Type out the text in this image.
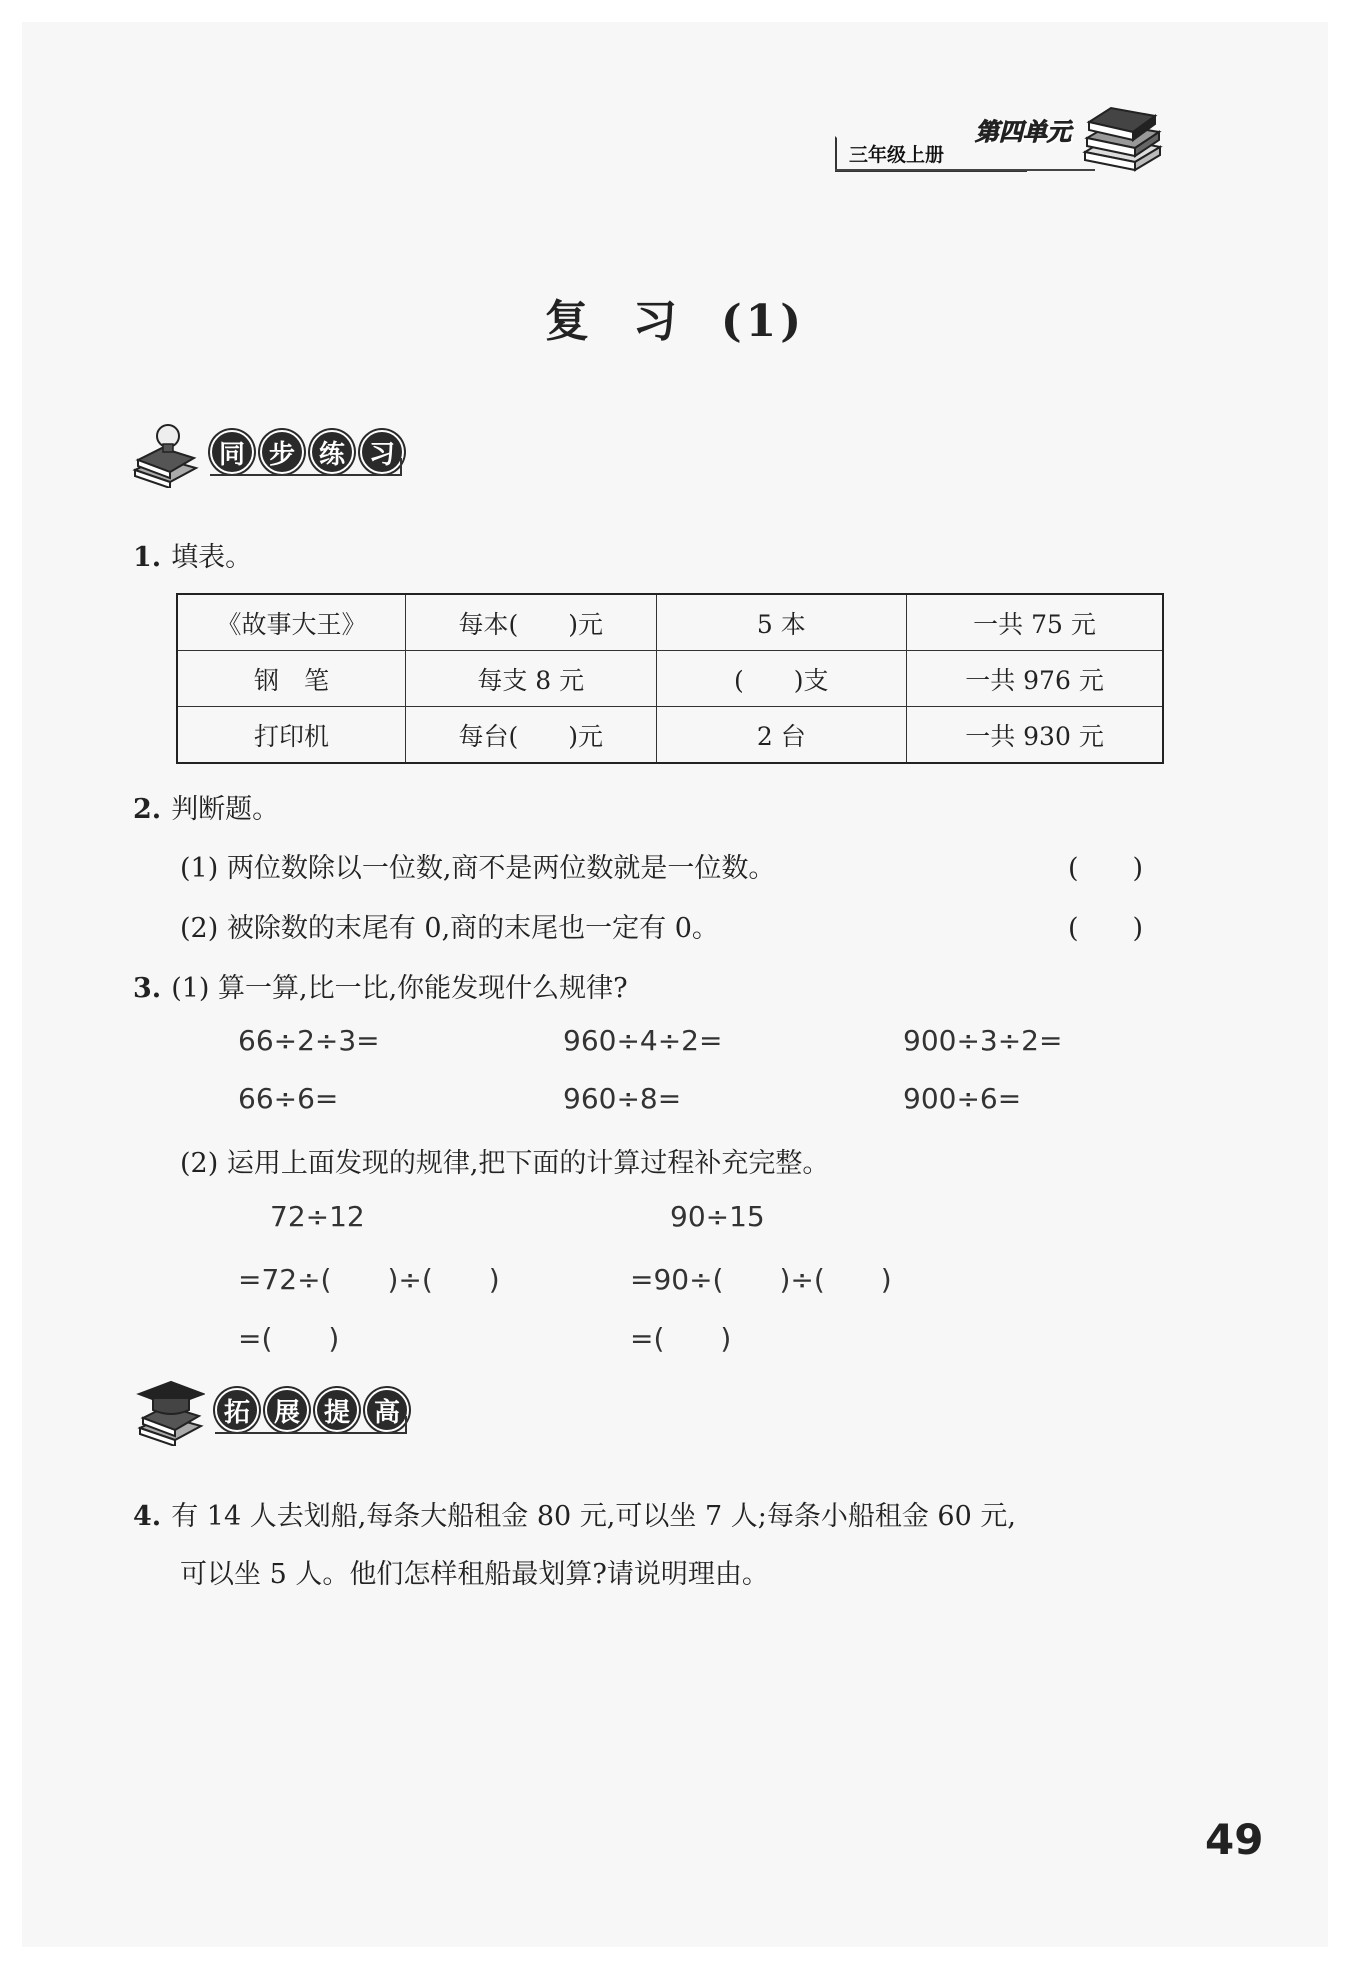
第四单元
三年级上册
复 习 (1)
同 步 练 习
1. 填表。
《故事大王》	每本(　　)元	5 本	一共 75 元
钢　笔	每支 8 元	(　　)支	一共 976 元
打印机	每台(　　)元	2 台	一共 930 元
2. 判断题。
(1) 两位数除以一位数,商不是两位数就是一位数。	(　　)
(2) 被除数的末尾有 0,商的末尾也一定有 0。	(　　)
3. (1) 算一算,比一比,你能发现什么规律?
66÷2÷3=	960÷4÷2=	900÷3÷2=
66÷6=	960÷8=	900÷6=
(2) 运用上面发现的规律,把下面的计算过程补充完整。
72÷12
=72÷(　　)÷(　　)
=(　　)
90÷15
=90÷(　　)÷(　　)
=(　　)
拓 展 提 高
4. 有 14 人去划船,每条大船租金 80 元,可以坐 7 人;每条小船租金 60 元,
可以坐 5 人。他们怎样租船最划算?请说明理由。
49
